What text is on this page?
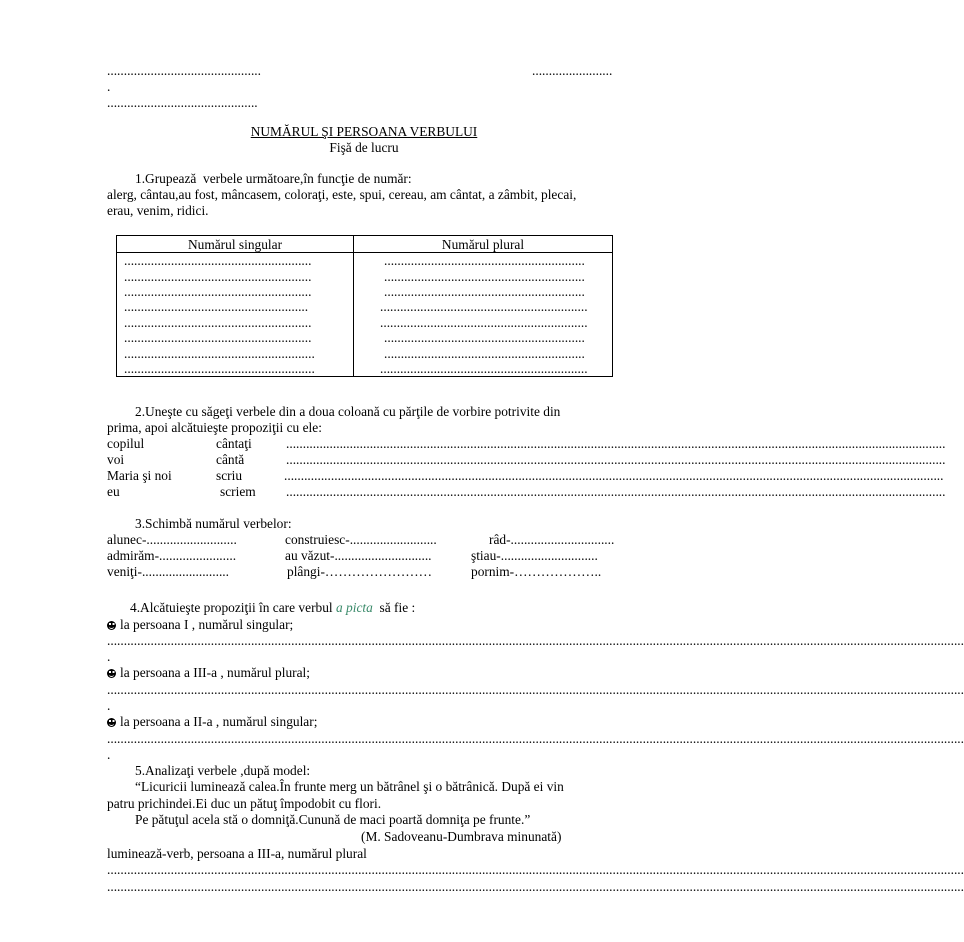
..............................................	........................
.
.............................................
NUMĂRUL ŞI PERSOANA VERBULUI
Fişă de lucru
1.Grupează  verbele următoare,în funcţie de număr:
alerg, cântau,au fost, mâncasem, coloraţi, este, spui, cereau, am cântat, a zâmbit, plecai,
erau, venim, ridici.
Numărul singular	Numărul plural
........................................................	............................................................
........................................................	............................................................
........................................................	............................................................
.......................................................	..............................................................
........................................................	..............................................................
........................................................	............................................................
.........................................................	............................................................
.........................................................	..............................................................
2.Uneşte cu săgeţi verbele din a doua coloană cu părţile de vorbire potrivite din
prima, apoi alcătuieşte propoziţii cu ele:
copilul	cântaţi	.....................................................................................................................................................................................................
voi	cântă	.....................................................................................................................................................................................................
Maria şi noi	scriu	.....................................................................................................................................................................................................
eu	scriem .....................................................................................................................................................................................................
3.Schimbă numărul verbelor:
alunec-...........................	construiesc-..........................	râd-...............................
admirăm-.......................	au văzut-.............................	ştiau-.............................
veniţi-..........................	plângi-……………………	pornim-………………..
4.Alcătuieşte propoziţii în care verbul a picta  să fie :
la persoana I , numărul singular;
................................................................................................................................................................................................................................................................
.
la persoana a III-a , numărul plural;
................................................................................................................................................................................................................................................................
.
la persoana a II-a , numărul singular;
................................................................................................................................................................................................................................................................
.
5.Analizaţi verbele ,după model:
“Licuricii luminează calea.În frunte merg un bătrânel şi o bătrânică. După ei vin
patru prichindei.Ei duc un pătuţ împodobit cu flori.
Pe pătuţul acela stă o domniţă.Cunună de maci poartă domniţa pe frunte.”
(M. Sadoveanu-Dumbrava minunată)
luminează-verb, persoana a III-a, numărul plural
................................................................................................................................................................................................................................................................
................................................................................................................................................................................................................................................................
